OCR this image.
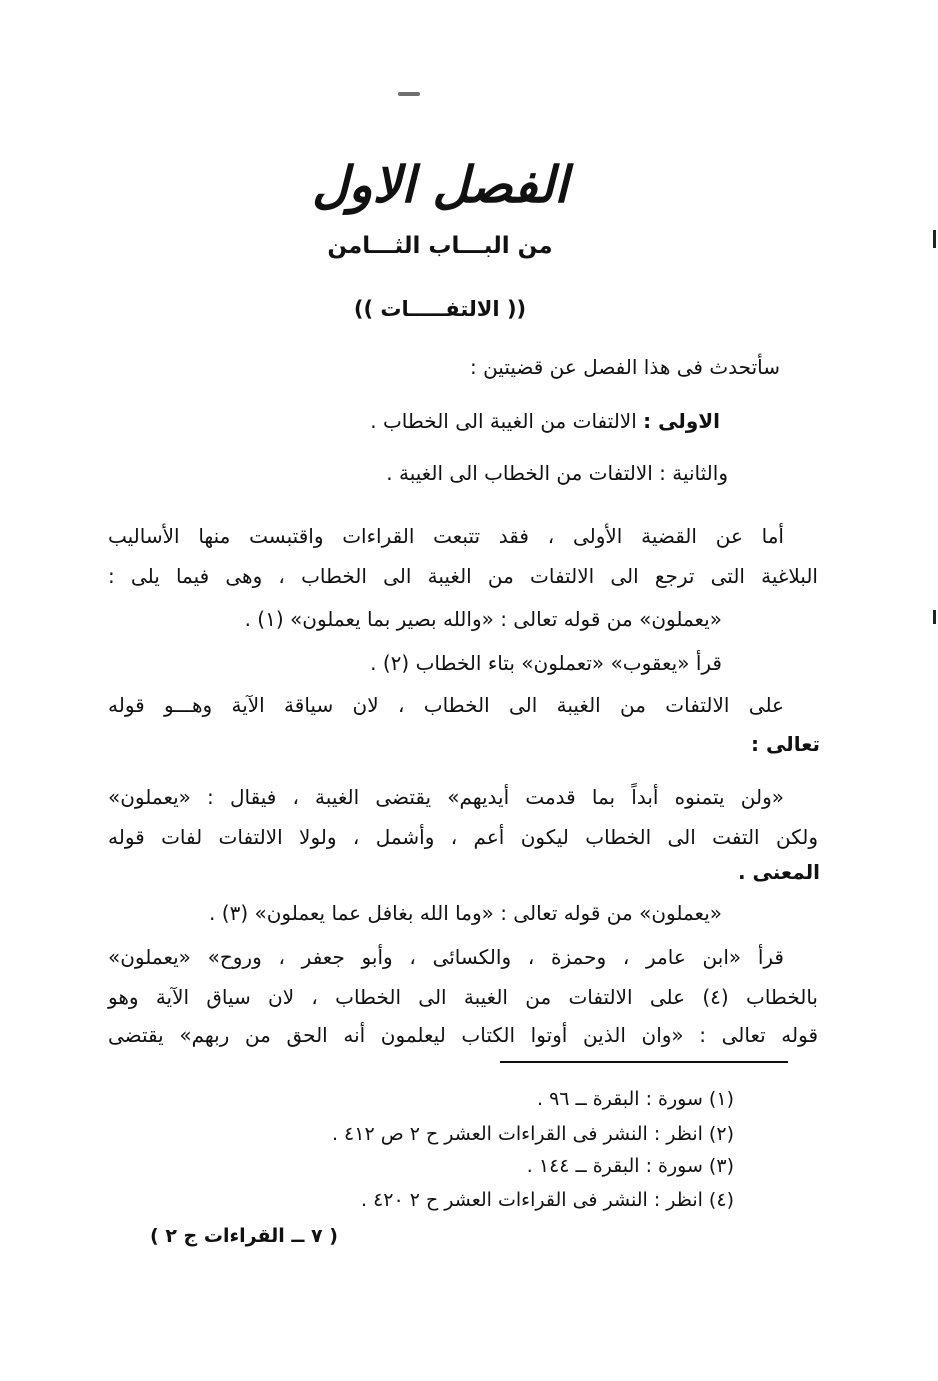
الفصل الاول
من البـــاب الثـــامن
(( الالتفـــــات ))
سأتحدث فى هذا الفصل عن قضيتين :
الاولى : الالتفات من الغيبة الى الخطاب .
والثانية : الالتفات من الخطاب الى الغيبة .
أما عن القضية الأولى ، فقد تتبعت القراءات واقتبست منها الأساليب
البلاغية التى ترجع الى الالتفات من الغيبة الى الخطاب ، وهى فيما يلى :
«يعملون» من قوله تعالى : «والله بصير بما يعملون» (١) .
قرأ «يعقوب» «تعملون» بتاء الخطاب (٢) .
على الالتفات من الغيبة الى الخطاب ، لان سياقة الآية وهـــو قوله
تعالى :
«ولن يتمنوه أبداً بما قدمت أيديهم» يقتضى الغيبة ، فيقال : «يعملون»
ولكن التفت الى الخطاب ليكون أعم ، وأشمل ، ولولا الالتفات لفات قوله
المعنى .
«يعملون» من قوله تعالى : «وما الله بغافل عما يعملون» (٣) .
قرأ «ابن عامر ، وحمزة ، والكسائى ، وأبو جعفر ، وروح» «يعملون»
بالخطاب (٤) على الالتفات من الغيبة الى الخطاب ، لان سياق الآية وهو
قوله تعالى : «وان الذين أوتوا الكتاب ليعلمون أنه الحق من ربهم» يقتضى
(١) سورة : البقرة ــ ٩٦ .
(٢) انظر : النشر فى القراءات العشر ح ٢ ص ٤١٢ .
(٣) سورة : البقرة ــ ١٤٤ .
(٤) انظر : النشر فى القراءات العشر ح ٢ ٤٢٠ .
( ٧ ــ القراءات ج ٢ )
